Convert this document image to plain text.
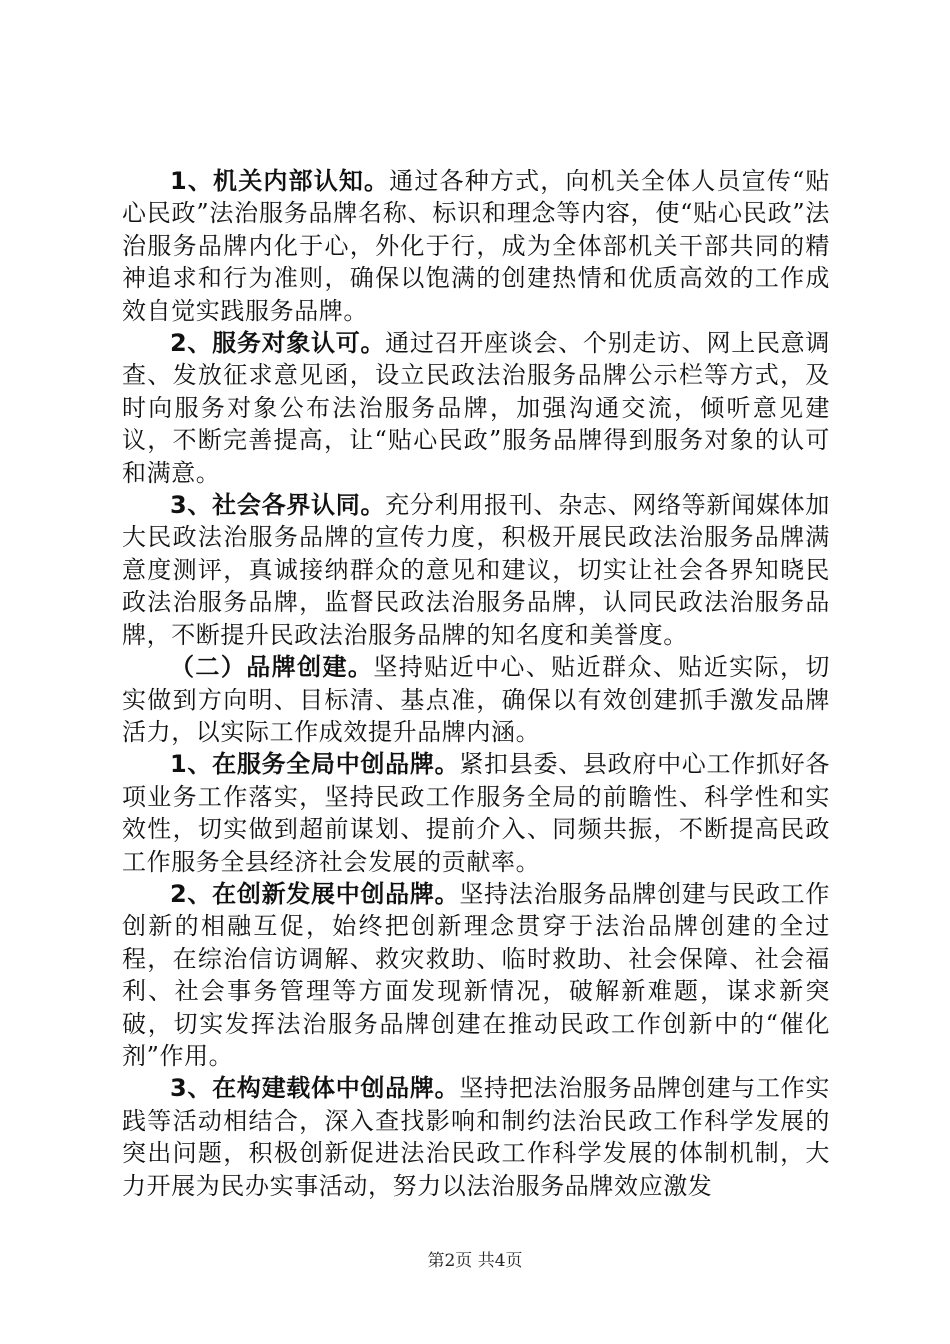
1、机关内部认知。通过各种方式，向机关全体人员宣传“贴心民政”法治服务品牌名称、标识和理念等内容，使“贴心民政”法治服务品牌内化于心，外化于行，成为全体部机关干部共同的精神追求和行为准则，确保以饱满的创建热情和优质高效的工作成效自觉实践服务品牌。

2、服务对象认可。通过召开座谈会、个别走访、网上民意调查、发放征求意见函，设立民政法治服务品牌公示栏等方式，及时向服务对象公布法治服务品牌，加强沟通交流，倾听意见建议，不断完善提高，让“贴心民政”服务品牌得到服务对象的认可和满意。

3、社会各界认同。充分利用报刊、杂志、网络等新闻媒体加大民政法治服务品牌的宣传力度，积极开展民政法治服务品牌满意度测评，真诚接纳群众的意见和建议，切实让社会各界知晓民政法治服务品牌，监督民政法治服务品牌，认同民政法治服务品牌，不断提升民政法治服务品牌的知名度和美誉度。

（二）品牌创建。坚持贴近中心、贴近群众、贴近实际，切实做到方向明、目标清、基点准，确保以有效创建抓手激发品牌活力，以实际工作成效提升品牌内涵。

1、在服务全局中创品牌。紧扣县委、县政府中心工作抓好各项业务工作落实，坚持民政工作服务全局的前瞻性、科学性和实效性，切实做到超前谋划、提前介入、同频共振，不断提高民政工作服务全县经济社会发展的贡献率。

2、在创新发展中创品牌。坚持法治服务品牌创建与民政工作创新的相融互促，始终把创新理念贯穿于法治品牌创建的全过程，在综治信访调解、救灾救助、临时救助、社会保障、社会福利、社会事务管理等方面发现新情况，破解新难题，谋求新突破，切实发挥法治服务品牌创建在推动民政工作创新中的“催化剂”作用。

3、在构建载体中创品牌。坚持把法治服务品牌创建与工作实践等活动相结合，深入查找影响和制约法治民政工作科学发展的突出问题，积极创新促进法治民政工作科学发展的体制机制，大力开展为民办实事活动，努力以法治服务品牌效应激发

第2页 共4页
